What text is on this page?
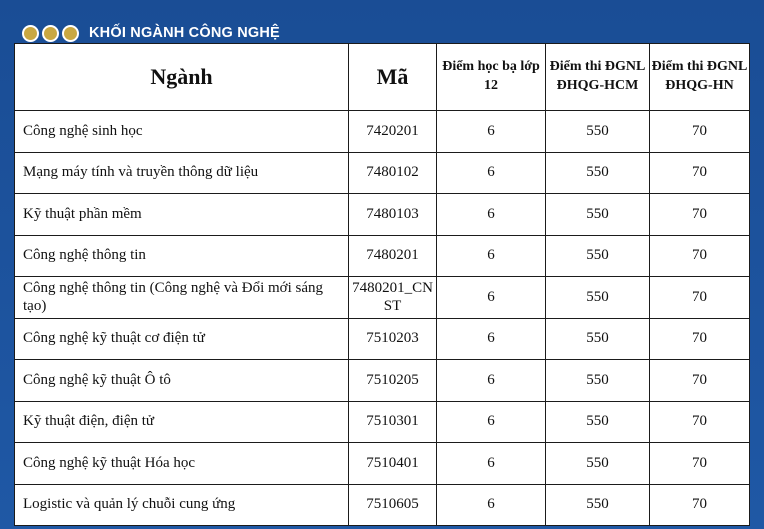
KHỐI NGÀNH CÔNG NGHỆ
Ngành	Mã	Điểm học bạ lớp 12	Điểm thi ĐGNL ĐHQG-HCM	Điểm thi ĐGNL ĐHQG-HN
Công nghệ sinh học	7420201	6	550	70
Mạng máy tính và truyền thông dữ liệu	7480102	6	550	70
Kỹ thuật phần mềm	7480103	6	550	70
Công nghệ thông tin	7480201	6	550	70
Công nghệ thông tin (Công nghệ và Đổi mới sáng tạo)	7480201_CNST	6	550	70
Công nghệ kỹ thuật cơ điện tử	7510203	6	550	70
Công nghệ kỹ thuật Ô tô	7510205	6	550	70
Kỹ thuật điện, điện tử	7510301	6	550	70
Công nghệ kỹ thuật Hóa học	7510401	6	550	70
Logistic và quản lý chuỗi cung ứng	7510605	6	550	70
